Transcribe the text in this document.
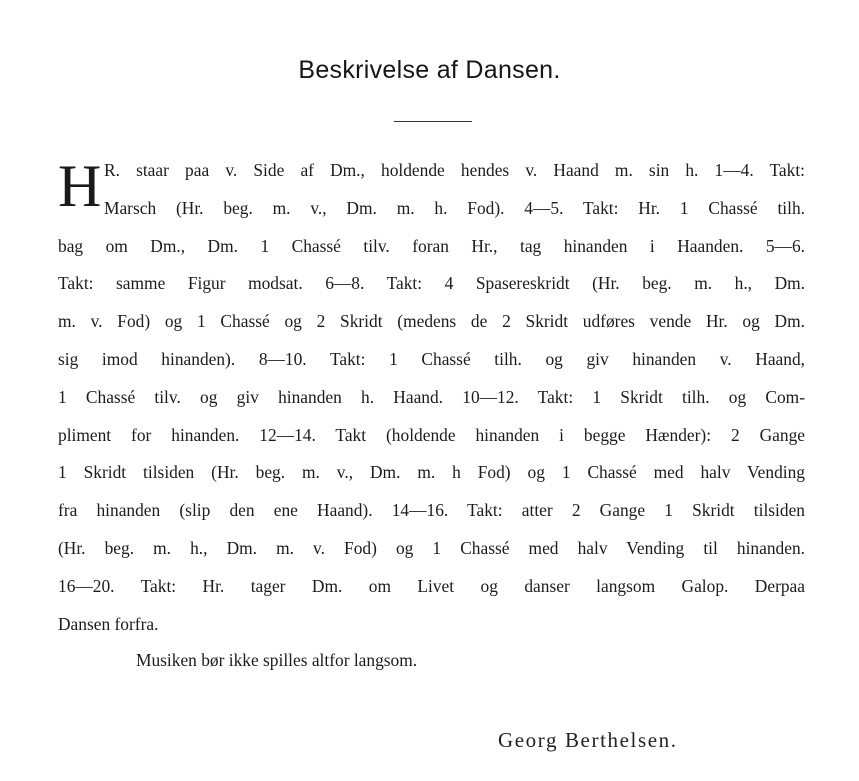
Beskrivelse af Dansen.
H R. staar paa v. Side af Dm., holdende hendes v. Haand m. sin h. 1—4. Takt:
Marsch (Hr. beg. m. v., Dm. m. h. Fod). 4—5. Takt: Hr. 1 Chassé tilh.
bag om Dm., Dm. 1 Chassé tilv. foran Hr., tag hinanden i Haanden. 5—6.
Takt: samme Figur modsat. 6—8. Takt: 4 Spasereskridt (Hr. beg. m. h., Dm.
m. v. Fod) og 1 Chassé og 2 Skridt (medens de 2 Skridt udføres vende Hr. og Dm.
sig imod hinanden). 8—10. Takt: 1 Chassé tilh. og giv hinanden v. Haand,
1 Chassé tilv. og giv hinanden h. Haand. 10—12. Takt: 1 Skridt tilh. og Com-
pliment for hinanden. 12—14. Takt (holdende hinanden i begge Hænder): 2 Gange
1 Skridt tilsiden (Hr. beg. m. v., Dm. m. h Fod) og 1 Chassé med halv Vending
fra hinanden (slip den ene Haand). 14—16. Takt: atter 2 Gange 1 Skridt tilsiden
(Hr. beg. m. h., Dm. m. v. Fod) og 1 Chassé med halv Vending til hinanden.
16—20. Takt: Hr. tager Dm. om Livet og danser langsom Galop. Derpaa
Dansen forfra.
Musiken bør ikke spilles altfor langsom.
Georg Berthelsen.
